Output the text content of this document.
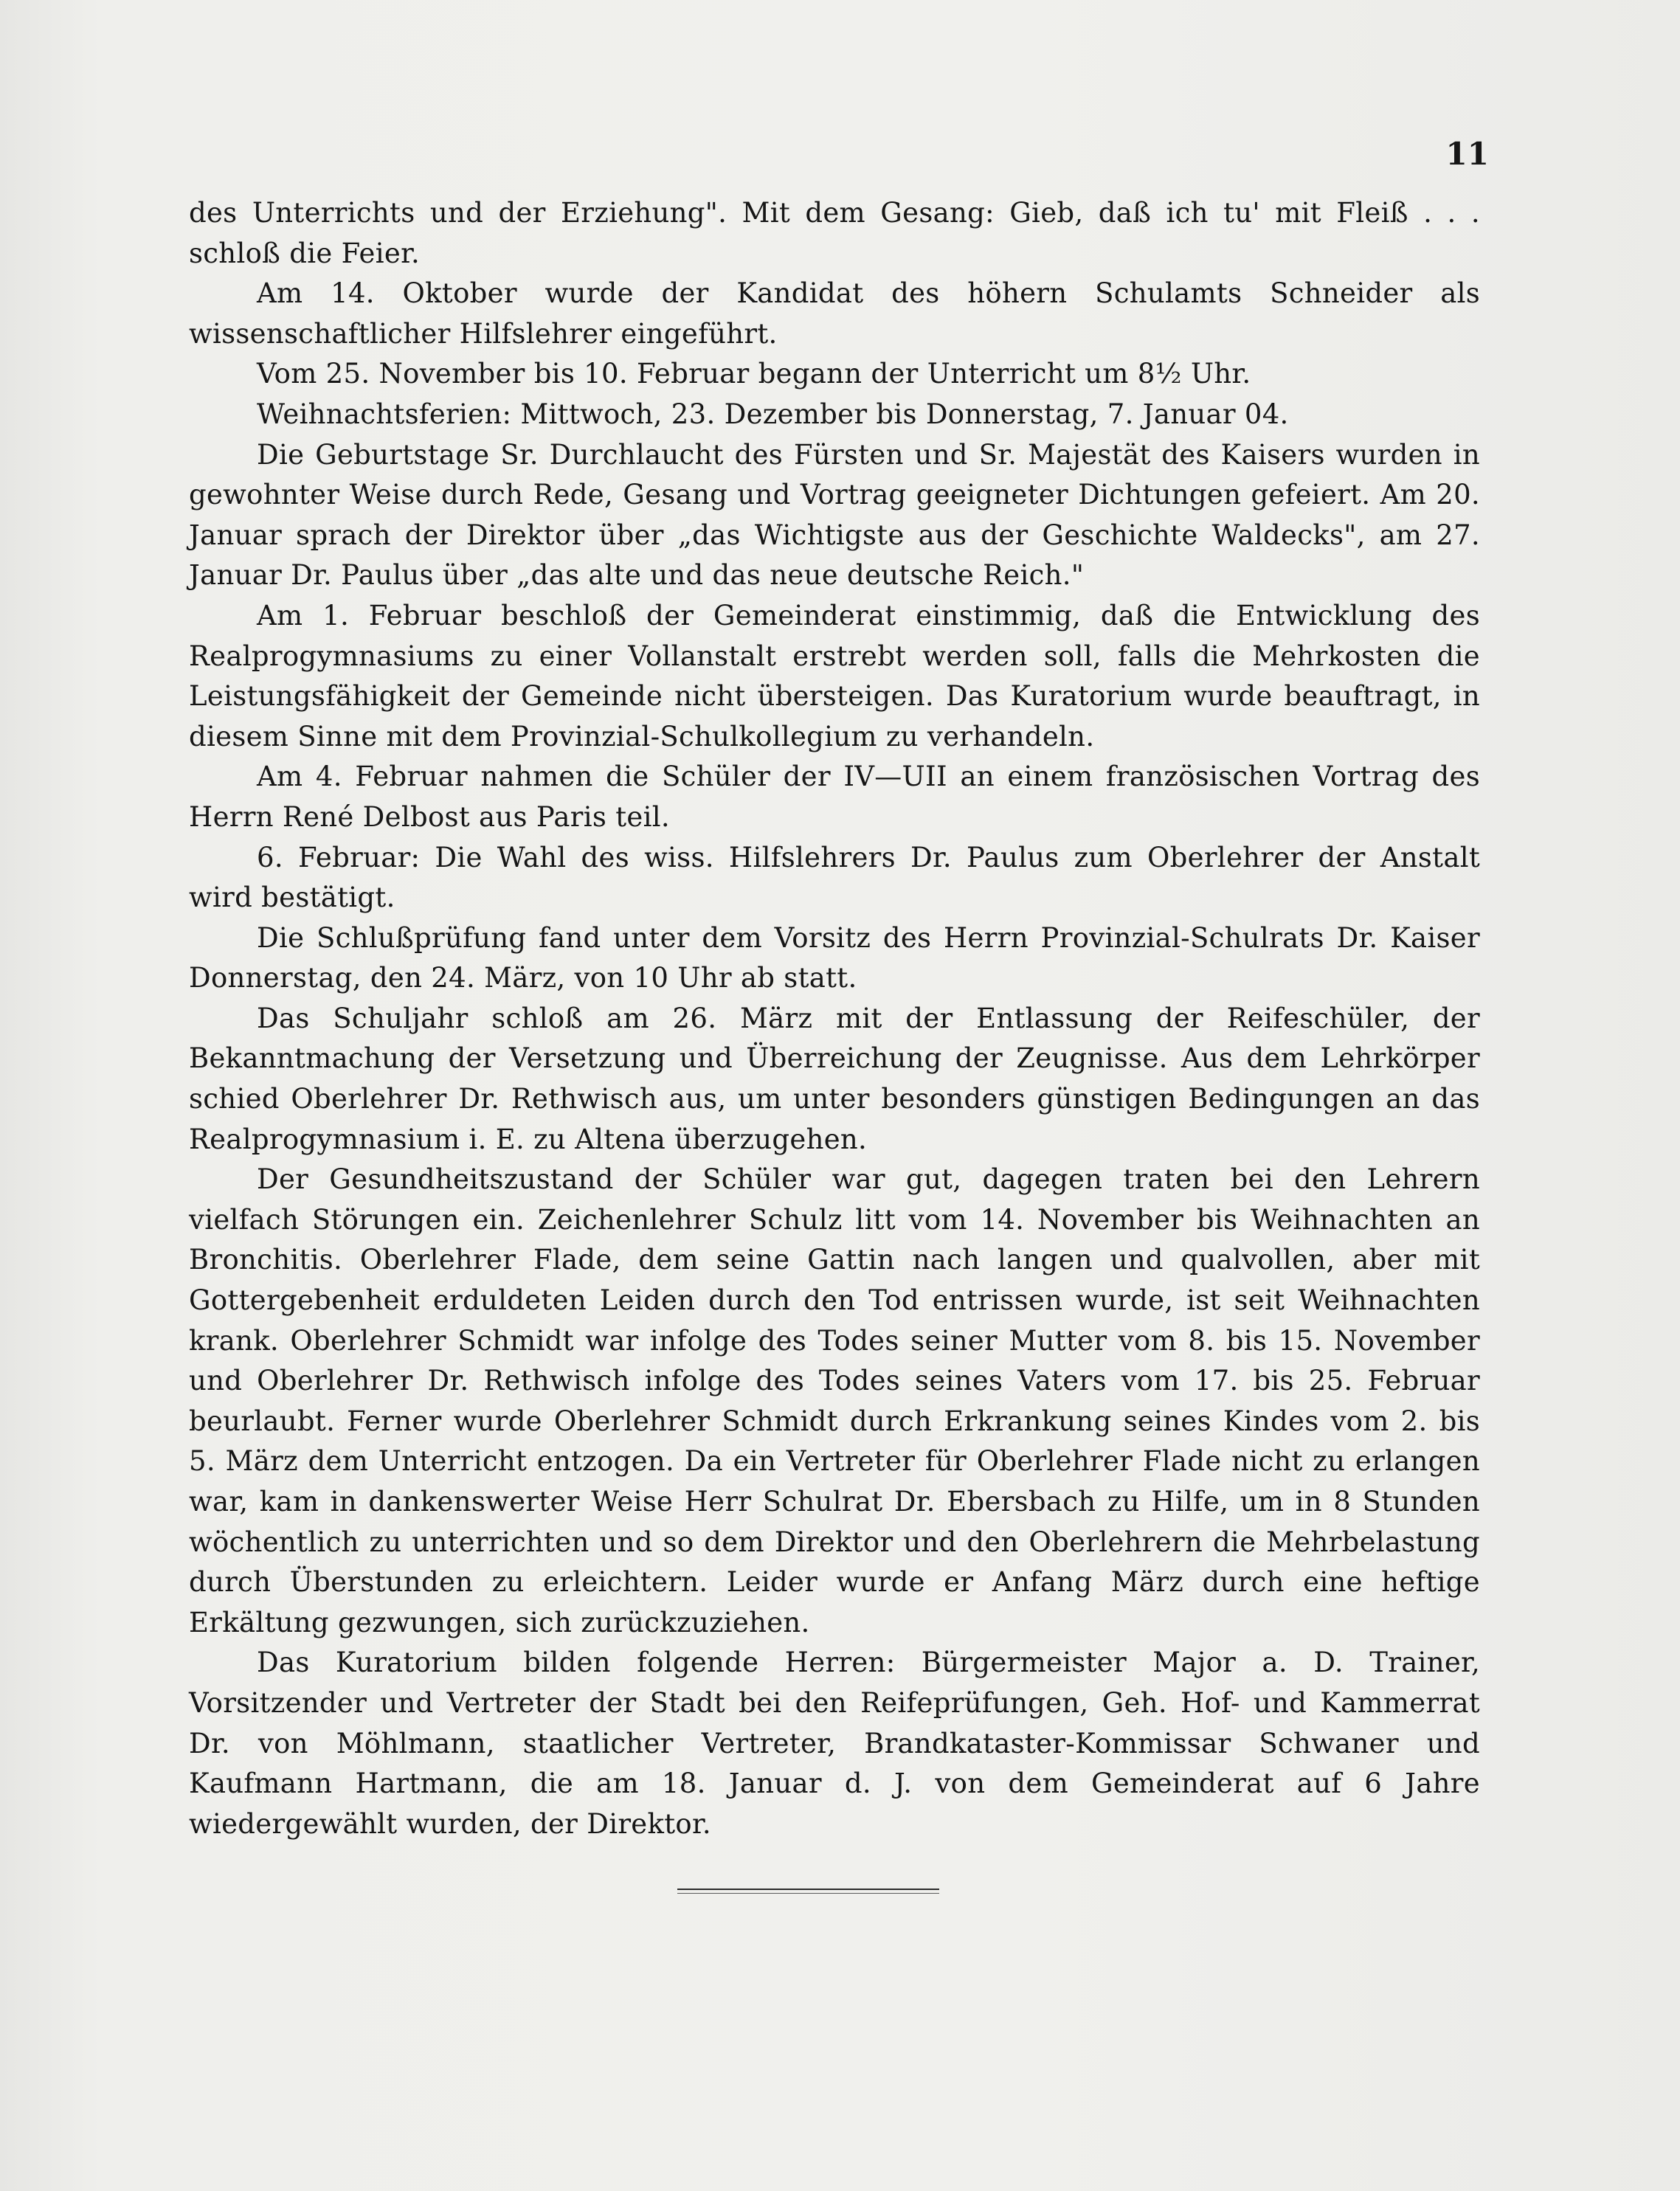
11

des Unterrichts und der Erziehung". Mit dem Gesang: Gieb, daß ich tu' mit Fleiß . . . schloß die Feier.

Am 14. Oktober wurde der Kandidat des höhern Schulamts Schneider als wissenschaftlicher Hilfslehrer eingeführt.

Vom 25. November bis 10. Februar begann der Unterricht um 8½ Uhr.

Weihnachtsferien: Mittwoch, 23. Dezember bis Donnerstag, 7. Januar 04.

Die Geburtstage Sr. Durchlaucht des Fürsten und Sr. Majestät des Kaisers wurden in gewohnter Weise durch Rede, Gesang und Vortrag geeigneter Dichtungen gefeiert. Am 20. Januar sprach der Direktor über „das Wichtigste aus der Geschichte Waldecks", am 27. Januar Dr. Paulus über „das alte und das neue deutsche Reich."

Am 1. Februar beschloß der Gemeinderat einstimmig, daß die Entwicklung des Realprogymnasiums zu einer Vollanstalt erstrebt werden soll, falls die Mehrkosten die Leistungsfähigkeit der Gemeinde nicht übersteigen. Das Kuratorium wurde beauftragt, in diesem Sinne mit dem Provinzial-Schulkollegium zu verhandeln.

Am 4. Februar nahmen die Schüler der IV—UII an einem französischen Vortrag des Herrn René Delbost aus Paris teil.

6. Februar: Die Wahl des wiss. Hilfslehrers Dr. Paulus zum Oberlehrer der Anstalt wird bestätigt.

Die Schlußprüfung fand unter dem Vorsitz des Herrn Provinzial-Schulrats Dr. Kaiser Donnerstag, den 24. März, von 10 Uhr ab statt.

Das Schuljahr schloß am 26. März mit der Entlassung der Reifeschüler, der Bekanntmachung der Versetzung und Überreichung der Zeugnisse. Aus dem Lehrkörper schied Oberlehrer Dr. Rethwisch aus, um unter besonders günstigen Bedingungen an das Realprogymnasium i. E. zu Altena überzugehen.

Der Gesundheitszustand der Schüler war gut, dagegen traten bei den Lehrern vielfach Störungen ein. Zeichenlehrer Schulz litt vom 14. November bis Weihnachten an Bronchitis. Oberlehrer Flade, dem seine Gattin nach langen und qualvollen, aber mit Gottergebenheit erduldeten Leiden durch den Tod entrissen wurde, ist seit Weihnachten krank. Oberlehrer Schmidt war infolge des Todes seiner Mutter vom 8. bis 15. November und Oberlehrer Dr. Rethwisch infolge des Todes seines Vaters vom 17. bis 25. Februar beurlaubt. Ferner wurde Oberlehrer Schmidt durch Erkrankung seines Kindes vom 2. bis 5. März dem Unterricht entzogen. Da ein Vertreter für Oberlehrer Flade nicht zu erlangen war, kam in dankenswerter Weise Herr Schulrat Dr. Ebersbach zu Hilfe, um in 8 Stunden wöchentlich zu unterrichten und so dem Direktor und den Oberlehrern die Mehrbelastung durch Überstunden zu erleichtern. Leider wurde er Anfang März durch eine heftige Erkältung gezwungen, sich zurückzuziehen.

Das Kuratorium bilden folgende Herren: Bürgermeister Major a. D. Trainer, Vorsitzender und Vertreter der Stadt bei den Reifeprüfungen, Geh. Hof- und Kammerrat Dr. von Möhlmann, staatlicher Vertreter, Brandkataster-Kommissar Schwaner und Kaufmann Hartmann, die am 18. Januar d. J. von dem Gemeinderat auf 6 Jahre wiedergewählt wurden, der Direktor.
